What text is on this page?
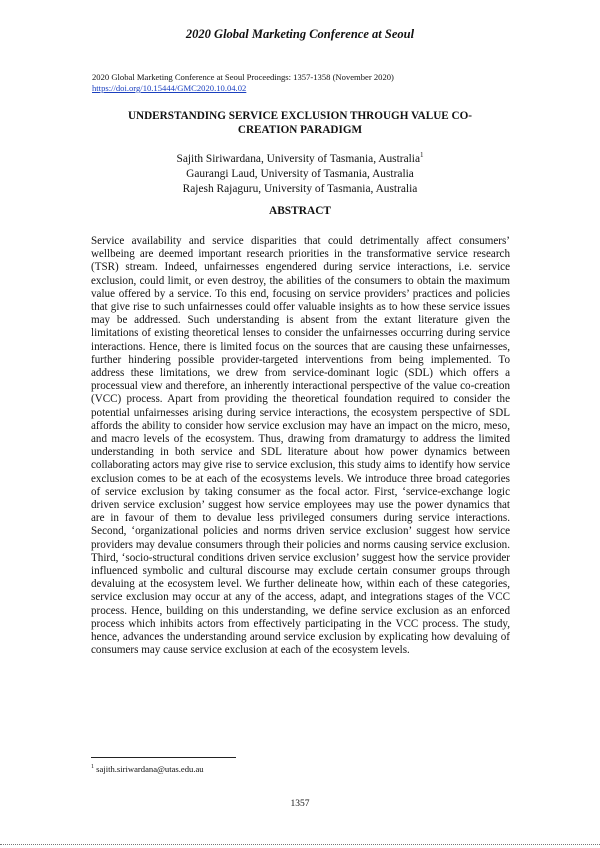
2020 Global Marketing Conference at Seoul
2020 Global Marketing Conference at Seoul Proceedings: 1357-1358 (November 2020)
https://doi.org/10.15444/GMC2020.10.04.02
UNDERSTANDING SERVICE EXCLUSION THROUGH VALUE CO-
CREATION PARADIGM
Sajith Siriwardana, University of Tasmania, Australia$^1$
Gaurangi Laud, University of Tasmania, Australia
Rajesh Rajaguru, University of Tasmania, Australia
ABSTRACT
Service availability and service disparities that could detrimentally affect consumers’ wellbeing are deemed important research priorities in the transformative service research (TSR) stream. Indeed, unfairnesses engendered during service interactions, i.e. service exclusion, could limit, or even destroy, the abilities of the consumers to obtain the maximum value offered by a service. To this end, focusing on service providers’ practices and policies that give rise to such unfairnesses could offer valuable insights as to how these service issues may be addressed. Such understanding is absent from the extant literature given the limitations of existing theoretical lenses to consider the unfairnesses occurring during service interactions. Hence, there is limited focus on the sources that are causing these unfairnesses, further hindering possible provider-targeted interventions from being implemented. To address these limitations, we drew from service-dominant logic (SDL) which offers a processual view and therefore, an inherently interactional perspective of the value co-creation (VCC) process. Apart from providing the theoretical foundation required to consider the potential unfairnesses arising during service interactions, the ecosystem perspective of SDL affords the ability to consider how service exclusion may have an impact on the micro, meso, and macro levels of the ecosystem. Thus, drawing from dramaturgy to address the limited understanding in both service and SDL literature about how power dynamics between collaborating actors may give rise to service exclusion, this study aims to identify how service exclusion comes to be at each of the ecosystems levels. We introduce three broad categories of service exclusion by taking consumer as the focal actor. First, ‘service-exchange logic driven service exclusion’ suggest how service employees may use the power dynamics that are in favour of them to devalue less privileged consumers during service interactions. Second, ‘organizational policies and norms driven service exclusion’ suggest how service providers may devalue consumers through their policies and norms causing service exclusion. Third, ‘socio-structural conditions driven service exclusion’ suggest how the service provider influenced symbolic and cultural discourse may exclude certain consumer groups through devaluing at the ecosystem level. We further delineate how, within each of these categories, service exclusion may occur at any of the access, adapt, and integrations stages of the VCC process. Hence, building on this understanding, we define service exclusion as an enforced process which inhibits actors from effectively participating in the VCC process. The study, hence, advances the understanding around service exclusion by explicating how devaluing of consumers may cause service exclusion at each of the ecosystem levels.
$^1$ sajith.siriwardana@utas.edu.au
1357
